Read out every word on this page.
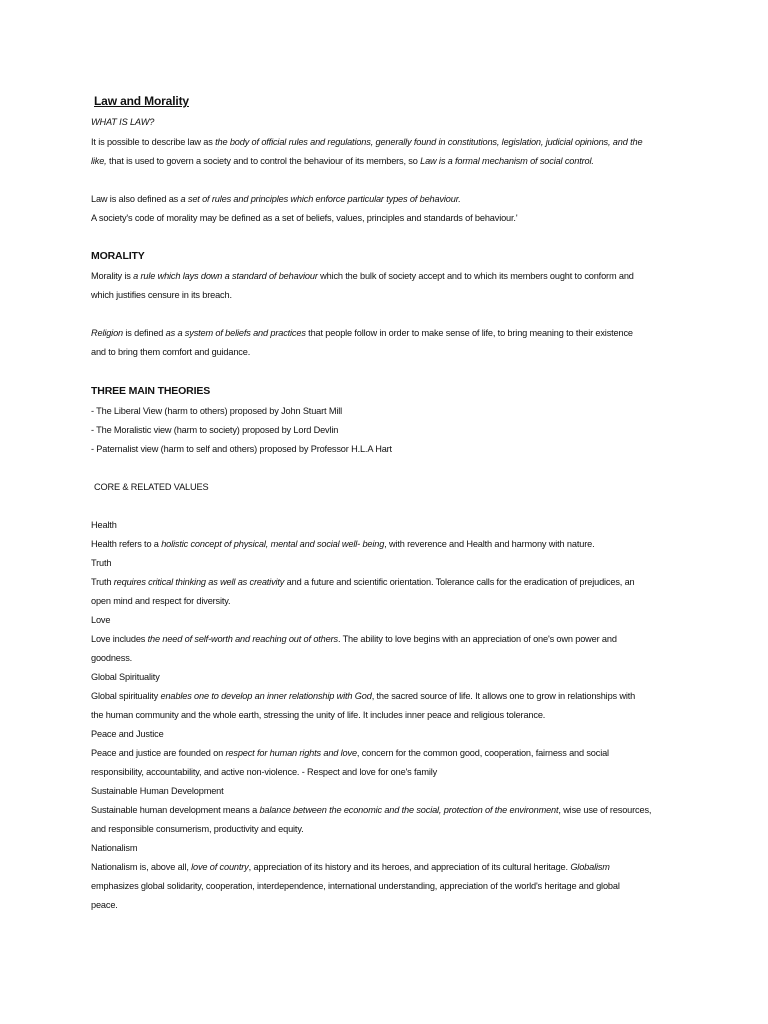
Law and Morality
WHAT IS LAW?
It is possible to describe law as the body of official rules and regulations, generally found in constitutions, legislation, judicial opinions, and the
like, that is used to govern a society and to control the behaviour of its members, so Law is a formal mechanism of social control.
Law is also defined as a set of rules and principles which enforce particular types of behaviour.
A society's code of morality may be defined as a set of beliefs, values, principles and standards of behaviour.'
MORALITY
Morality is a rule which lays down a standard of behaviour which the bulk of society accept and to which its members ought to conform and
which justifies censure in its breach.
Religion is defined as a system of beliefs and practices that people follow in order to make sense of life, to bring meaning to their existence
and to bring them comfort and guidance.
THREE MAIN THEORIES
- The Liberal View (harm to others) proposed by John Stuart Mill
- The Moralistic view (harm to society) proposed by Lord Devlin
- Paternalist view (harm to self and others) proposed by Professor H.L.A Hart
CORE & RELATED VALUES
Health
Health refers to a holistic concept of physical, mental and social well- being, with reverence and Health and harmony with nature.
Truth
Truth requires critical thinking as well as creativity and a future and scientific orientation. Tolerance calls for the eradication of prejudices, an
open mind and respect for diversity.
Love
Love includes the need of self-worth and reaching out of others. The ability to love begins with an appreciation of one's own power and
goodness.
Global Spirituality
Global spirituality enables one to develop an inner relationship with God, the sacred source of life. It allows one to grow in relationships with
the human community and the whole earth, stressing the unity of life. It includes inner peace and religious tolerance.
Peace and Justice
Peace and justice are founded on respect for human rights and love, concern for the common good, cooperation, fairness and social
responsibility, accountability, and active non-violence. - Respect and love for one's family
Sustainable Human Development
Sustainable human development means a balance between the economic and the social, protection of the environment, wise use of resources,
and responsible consumerism, productivity and equity.
Nationalism
Nationalism is, above all, love of country, appreciation of its history and its heroes, and appreciation of its cultural heritage. Globalism
emphasizes global solidarity, cooperation, interdependence, international understanding, appreciation of the world's heritage and global
peace.
